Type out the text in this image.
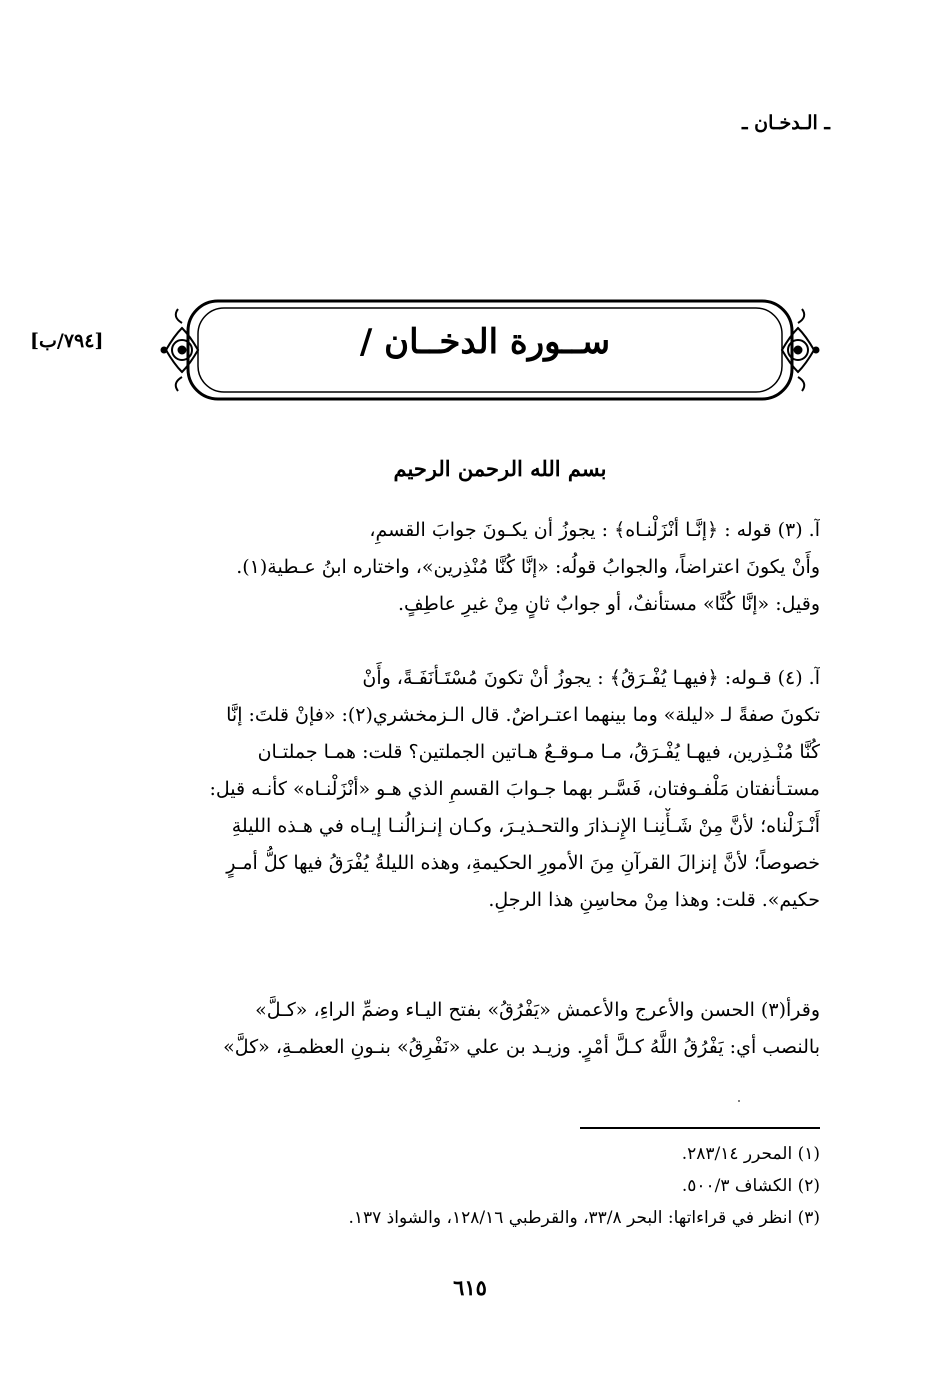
ـ الـدخـان ـ
[٧٩٤/ب]	ســورة الدخــان /
بسم الله الرحمن الرحيم
آ. (٣) قوله : ﴿إنَّـا أنْزَلْنـاه﴾ : يجوزُ أن يكـونَ جوابَ القسمِ،
وأَنْ يكونَ اعتراضاً، والجوابُ قولُه: «إنَّا كُنَّا مُنْذِرين»، واختاره ابنُ عـطية(١).
وقيل: «إنَّا كُنَّا» مستأنفٌ، أو جوابٌ ثانٍ مِنْ غيرِ عاطِفٍ.
آ. (٤) قـوله: ﴿فيهـا يُفْـرَقُ﴾ : يجوزُ أنْ تكونَ مُسْتَـأنَفَـةً، وأَنْ
تكونَ صفةً لـ «ليلة» وما بينهما اعتـراضٌ. قال الـزمخشري(٢): «فإنْ قلتَ: إنَّا
كُنَّا مُنْـذِرين، فيهـا يُفْـرَقُ، مـا مـوقـعُ هـاتين الجملتين؟ قلت: همـا جملتـان
مستـأنفتان مَلْفـوفتان، فَسَّـر بهما جـوابَ القسمِ الذي هـو «أنْزَلْنـاه» كأنـه قيل:
أَنْـزَلْناه؛ لأنَّ مِنْ شَـأْنِنـا الإِنـذارَ والتحـذيـرَ، وكـان إنـزالُنـا إيـاه في هـذه الليلةِ
خصوصاً؛ لأنَّ إنزالَ القرآنِ مِنَ الأمورِ الحكيمةِ، وهذه الليلةُ يُفْرَقُ فيها كلُّ أمـرٍ
حكيم». قلت: وهذا مِنْ محاسِنِ هذا الرجلِ.
وقرأ(٣) الحسن والأعرج والأعمش «يَفْرُقُ» بفتح اليـاء وضمِّ الراءِ، «كـلَّ»
بالنصب أي: يَفْرُقُ اللَّهُ كـلَّ أمْرٍ. وزيـد بن علي «نَفْرِقُ» بنـونِ العظمـةِ، «كلَّ»
(١) المحرر ٢٨٣/١٤.
(٢) الكشاف ٥٠٠/٣.
(٣) انظر في قراءاتها: البحر ٣٣/٨، والقرطبي ١٢٨/١٦، والشواذ ١٣٧.
٦١٥
